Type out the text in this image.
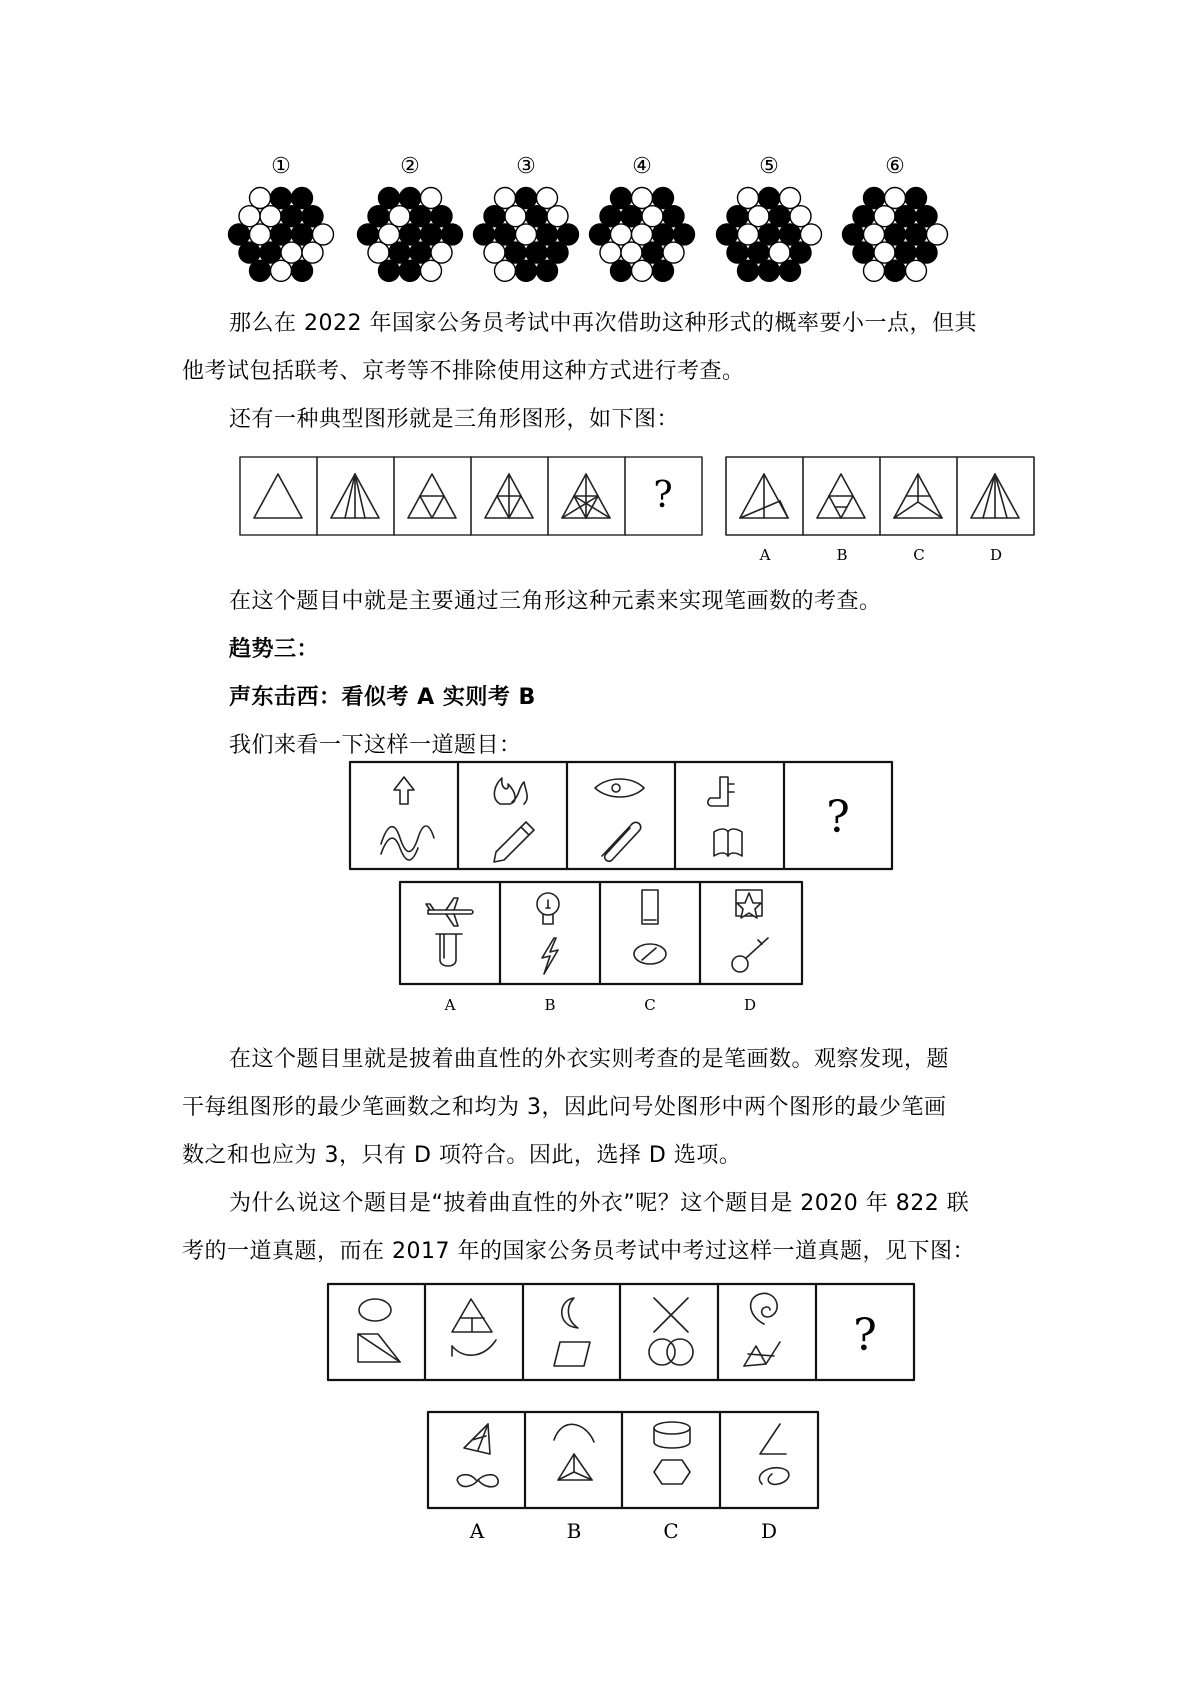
①	②	③	④	⑤	⑥
那么在 2022 年国家公务员考试中再次借助这种形式的概率要小一点，但其
他考试包括联考、京考等不排除使用这种方式进行考查。
还有一种典型图形就是三角形图形，如下图：
?
A	B	C	D
在这个题目中就是主要通过三角形这种元素来实现笔画数的考查。
趋势三：
声东击西：看似考 A 实则考 B
我们来看一下这样一道题目：
?
A	B	C	D
在这个题目里就是披着曲直性的外衣实则考查的是笔画数。观察发现，题
干每组图形的最少笔画数之和均为 3，因此问号处图形中两个图形的最少笔画
数之和也应为 3，只有 D 项符合。因此，选择 D 选项。
为什么说这个题目是“披着曲直性的外衣”呢？这个题目是 2020 年 822 联
考的一道真题，而在 2017 年的国家公务员考试中考过这样一道真题，见下图：
?
A	B	C	D
